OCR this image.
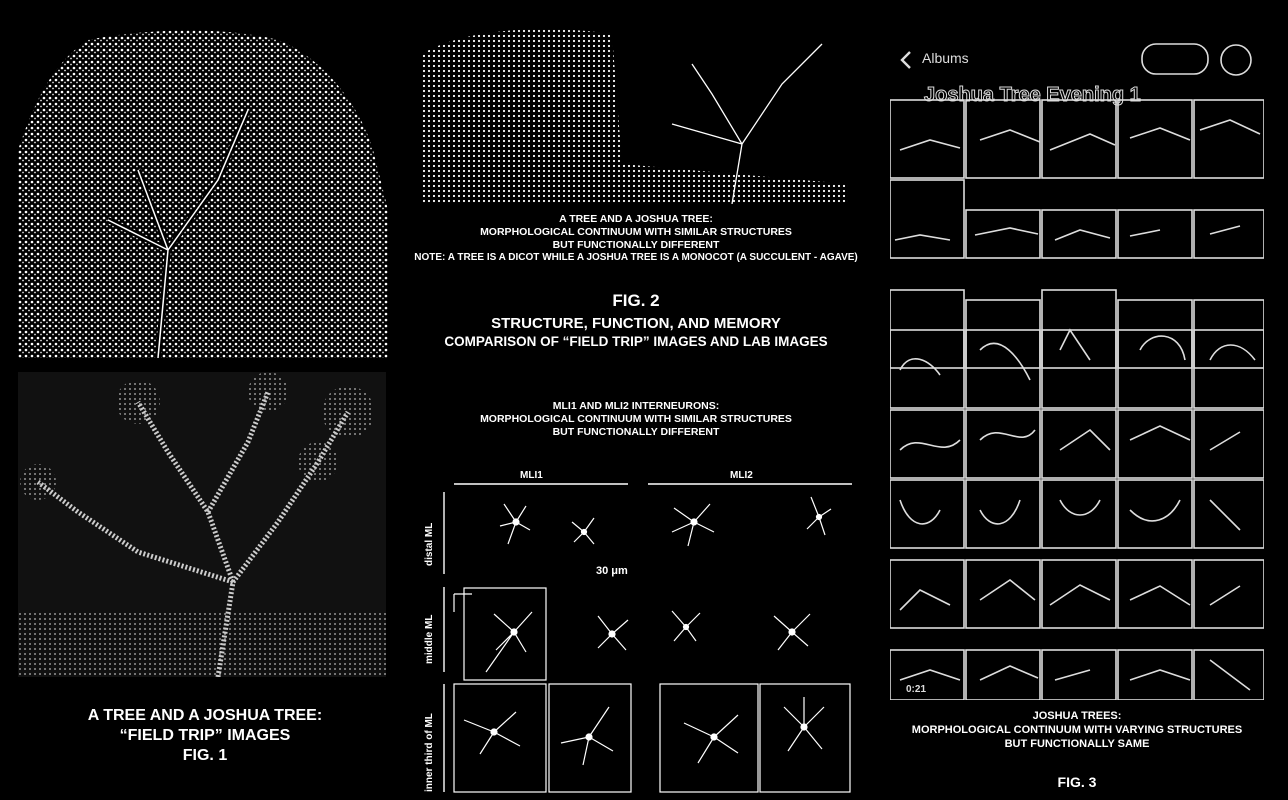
A TREE AND A JOSHUA TREE:
“FIELD TRIP” IMAGES
FIG. 1
A TREE AND A JOSHUA TREE:
MORPHOLOGICAL CONTINUUM WITH SIMILAR STRUCTURES
BUT FUNCTIONALLY DIFFERENT
NOTE: A TREE IS A DICOT WHILE A JOSHUA TREE IS A MONOCOT (A SUCCULENT - AGAVE)
FIG. 2
STRUCTURE, FUNCTION, AND MEMORY
COMPARISON OF “FIELD TRIP” IMAGES AND LAB IMAGES
MLI1 AND MLI2 INTERNEURONS:
MORPHOLOGICAL CONTINUUM WITH SIMILAR STRUCTURES
BUT FUNCTIONALLY DIFFERENT
MLI1	MLI2
distal ML
middle ML
inner third of ML
30 μm
Albums
Joshua Tree Evening 1
0:21
JOSHUA TREES:
MORPHOLOGICAL CONTINUUM WITH VARYING STRUCTURES
BUT FUNCTIONALLY SAME
FIG. 3
